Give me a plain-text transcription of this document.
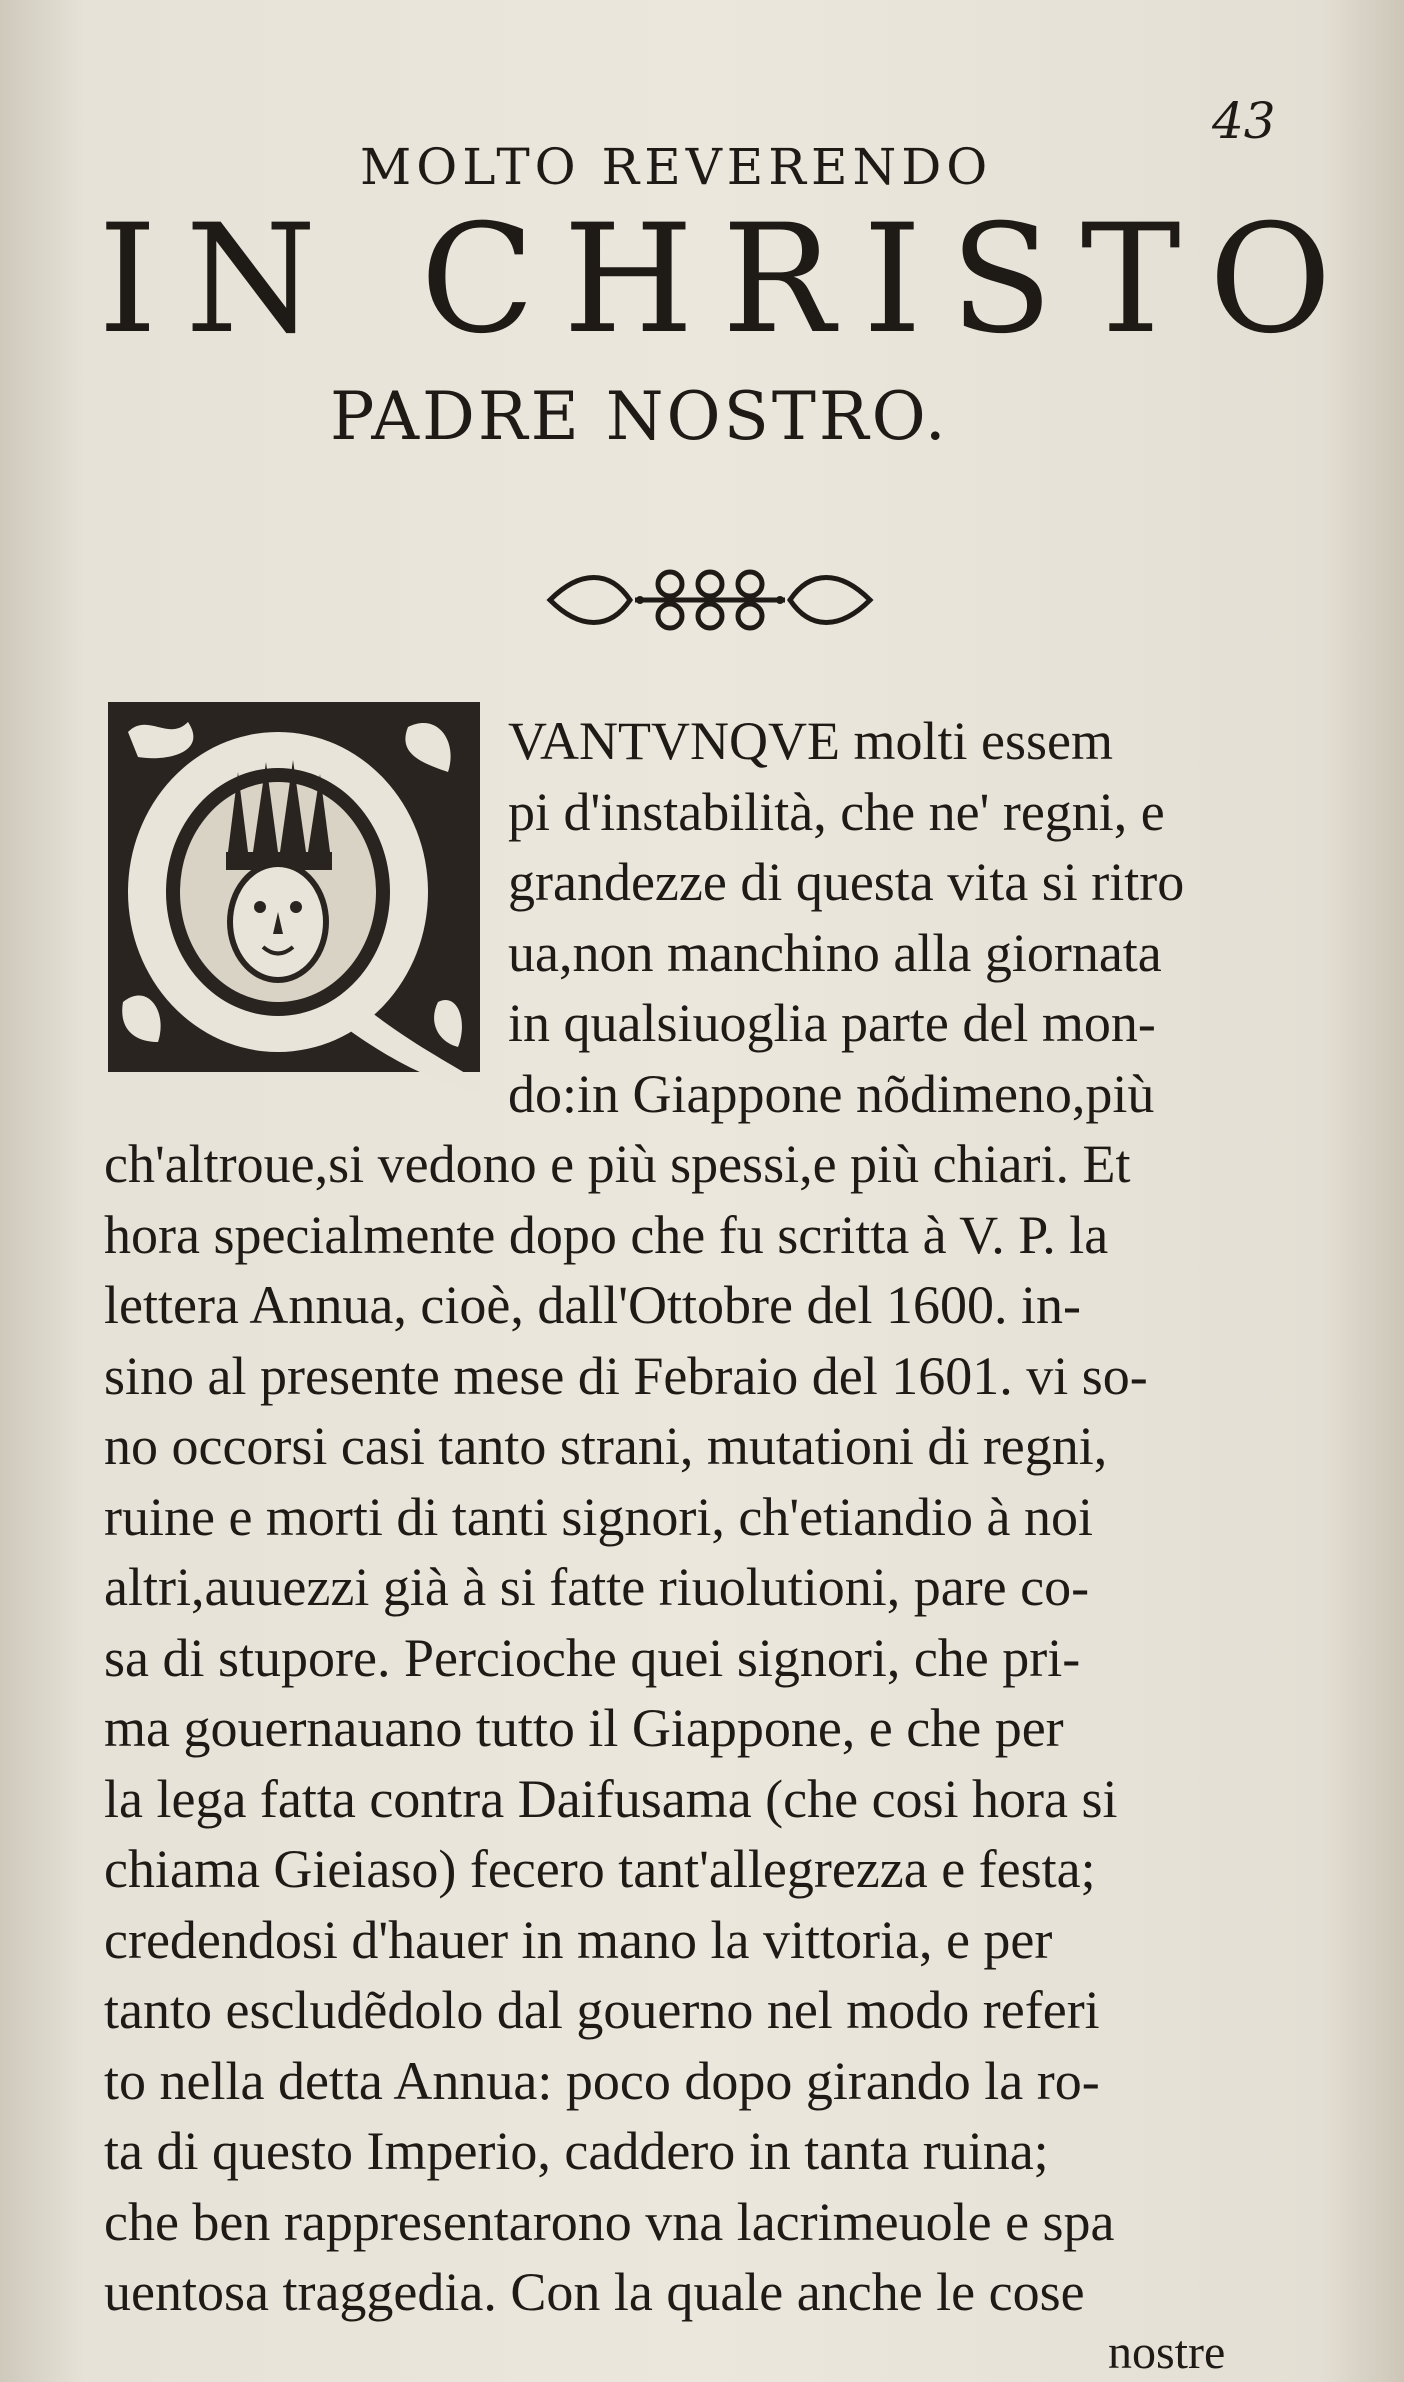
43
MOLTO REVERENDO
IN CHRISTO
PADRE NOSTRO.
VANTVNQVE molti essem
pi d'instabilità, che ne' regni, e
grandezze di questa vita si ritro
ua,non manchino alla giornata
in qualsiuoglia parte del mon-
do:in Giappone nõdimeno,più
ch'altroue,si vedono e più spessi,e più chiari. Et
hora specialmente dopo che fu scritta à V. P. la
lettera Annua, cioè, dall'Ottobre del 1600. in-
sino al presente mese di Febraio del 1601. vi so-
no occorsi casi tanto strani, mutationi di regni,
ruine e morti di tanti signori, ch'etiandio à noi
altri,auuezzi già à si fatte riuolutioni, pare co-
sa di stupore. Percioche quei signori, che pri-
ma gouernauano tutto il Giappone, e che per
la lega fatta contra Daifusama (che cosi hora si
chiama Gieiaso) fecero tant'allegrezza e festa;
credendosi d'hauer in mano la vittoria, e per
tanto escludẽdolo dal gouerno nel modo referi
to nella detta Annua: poco dopo girando la ro-
ta di questo Imperio, caddero in tanta ruina;
che ben rappresentarono vna lacrimeuole e spa
uentosa traggedia. Con la quale anche le cose
nostre
